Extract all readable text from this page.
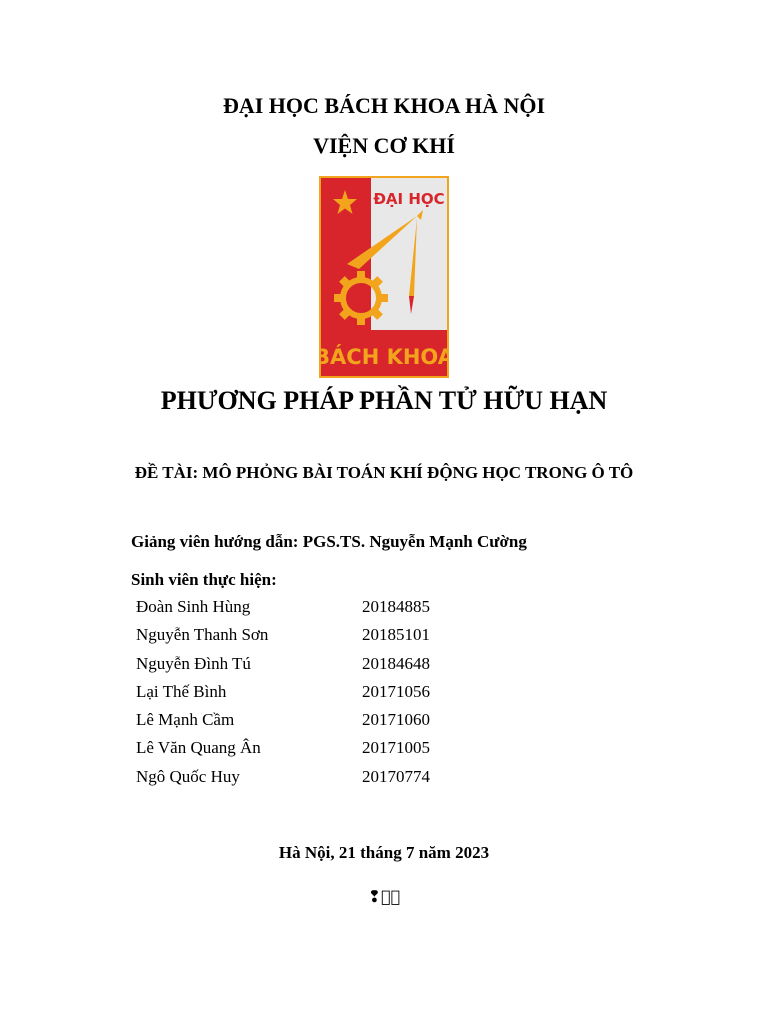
ĐẠI HỌC BÁCH KHOA HÀ NỘI
VIỆN CƠ KHÍ
ĐẠI HỌC
BÁCH KHOA
PHƯƠNG PHÁP PHẦN TỬ HỮU HẠN
ĐỀ TÀI: MÔ PHỎNG BÀI TOÁN KHÍ ĐỘNG HỌC TRONG Ô TÔ
Giảng viên hướng dẫn: PGS.TS. Nguyễn Mạnh Cường
Sinh viên thực hiện:
Đoàn Sinh Hùng	20184885
Nguyễn Thanh Sơn	20185101
Nguyễn Đình Tú	20184648
Lại Thế Bình	20171056
Lê Mạnh Cầm	20171060
Lê Văn Quang Ân	20171005
Ngô Quốc Huy	20170774
Hà Nội, 21 tháng 7 năm 2023
❢⃞⃞
